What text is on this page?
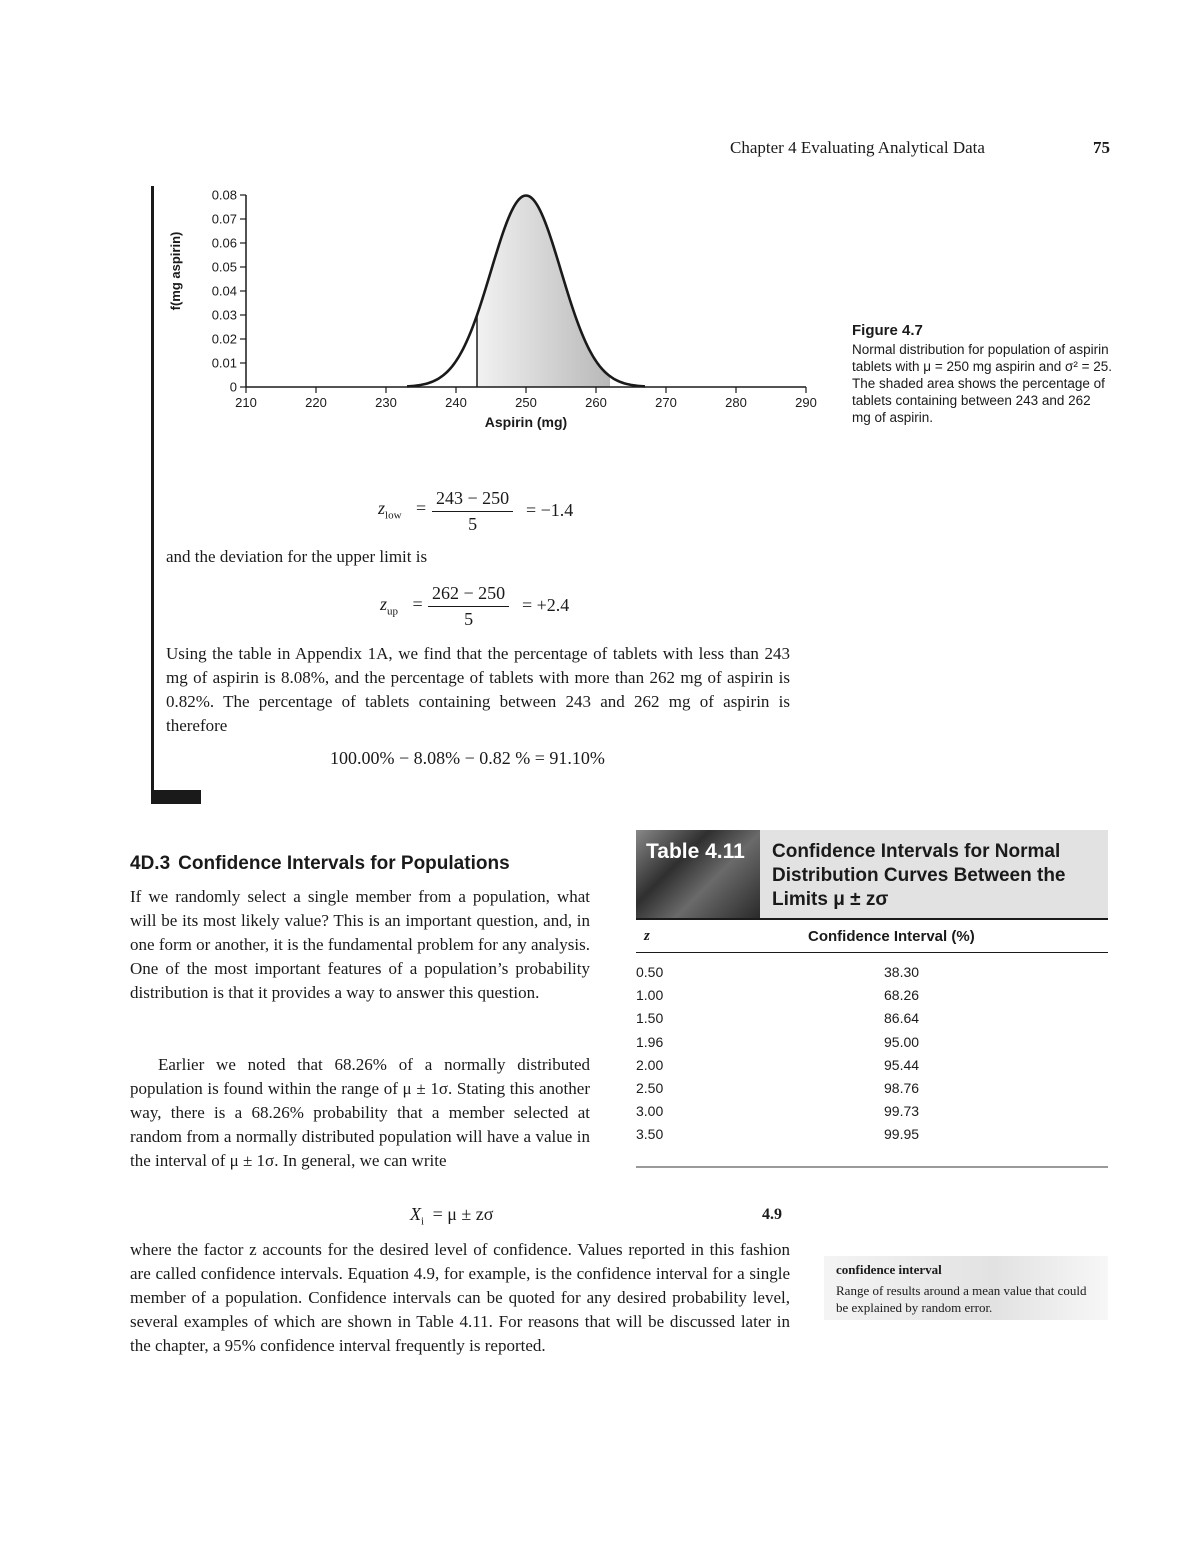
Chapter 4 Evaluating Analytical Data	75
0
0.01
0.02
0.03
0.04
0.05
0.06
0.07
0.08
210	220	230	240	250	260	270	280	290
Aspirin (mg)
f(mg aspirin)
Figure 4.7
Normal distribution for population of aspirin tablets with μ = 250 mg aspirin and σ² = 25. The shaded area shows the percentage of tablets containing between 243 and 262 mg of aspirin.
$z_{low} = \frac{243 - 250}{5} = -1.4$
and the deviation for the upper limit is
$z_{up} = \frac{262 - 250}{5} = +2.4$
Using the table in Appendix 1A, we find that the percentage of tablets with less than 243 mg of aspirin is 8.08%, and the percentage of tablets with more than 262 mg of aspirin is 0.82%. The percentage of tablets containing between 243 and 262 mg of aspirin is therefore
100.00% − 8.08% − 0.82 % = 91.10%
4D.3 Confidence Intervals for Populations
If we randomly select a single member from a population, what will be its most likely value? This is an important question, and, in one form or another, it is the fundamental problem for any analysis. One of the most important features of a population’s probability distribution is that it provides a way to answer this question.
Earlier we noted that 68.26% of a normally distributed population is found within the range of μ ± 1σ. Stating this another way, there is a 68.26% probability that a member selected at random from a normally distributed population will have a value in the interval of μ ± 1σ. In general, we can write
$X_i = \mu \pm z\sigma$	4.9
where the factor z accounts for the desired level of confidence. Values reported in this fashion are called confidence intervals. Equation 4.9, for example, is the confidence interval for a single member of a population. Confidence intervals can be quoted for any desired probability level, several examples of which are shown in Table 4.11. For reasons that will be discussed later in the chapter, a 95% confidence interval frequently is reported.
Table 4.11 Confidence Intervals for Normal Distribution Curves Between the Limits μ ± zσ
z	Confidence Interval (%)
0.50	38.30
1.00	68.26
1.50	86.64
1.96	95.00
2.00	95.44
2.50	98.76
3.00	99.73
3.50	99.95
confidence interval
Range of results around a mean value that could be explained by random error.
